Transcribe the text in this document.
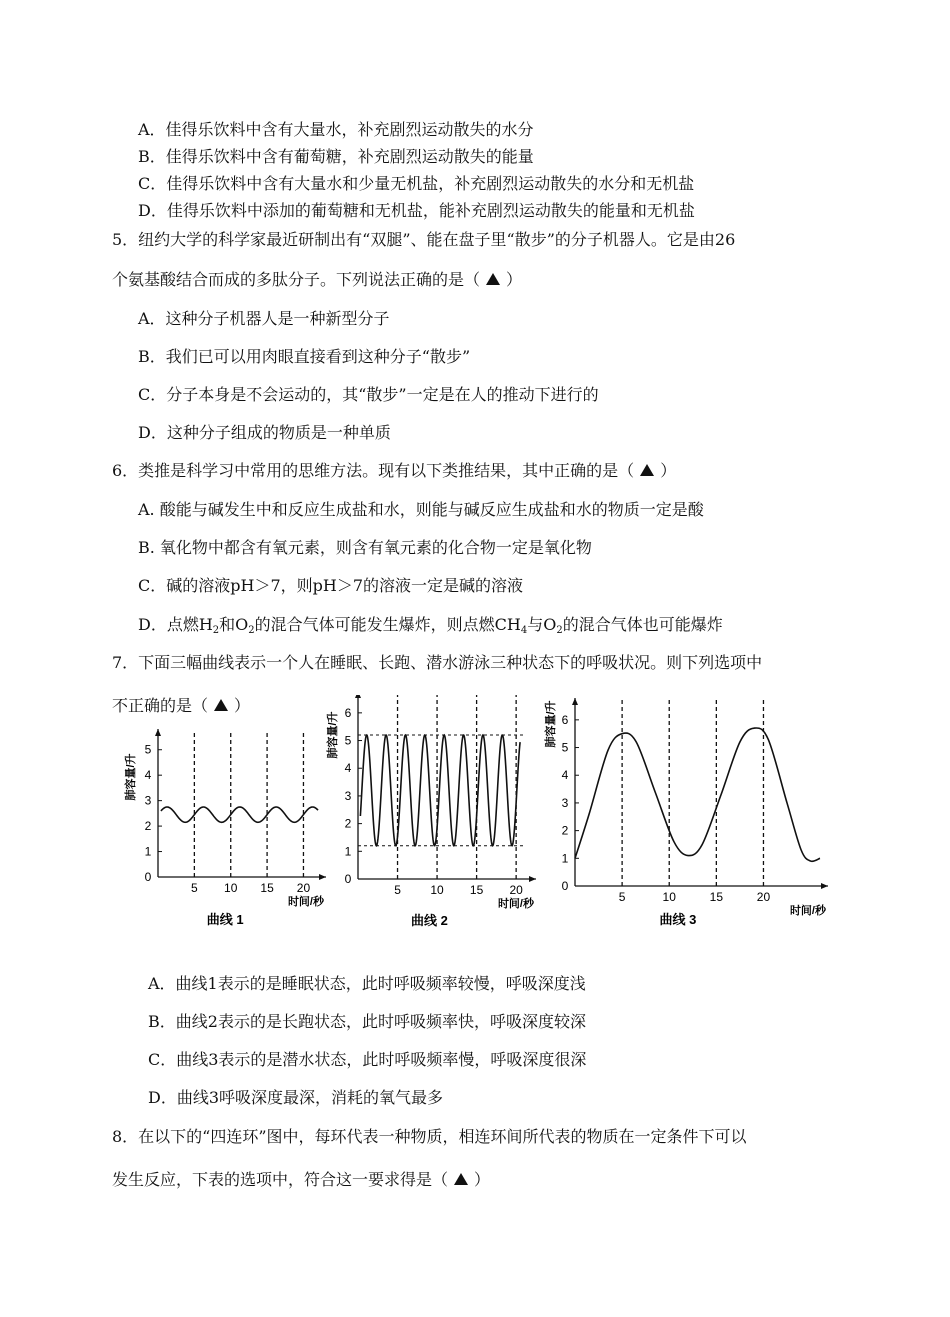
A．佳得乐饮料中含有大量水，补充剧烈运动散失的水分
B．佳得乐饮料中含有葡萄糖，补充剧烈运动散失的能量
C．佳得乐饮料中含有大量水和少量无机盐，补充剧烈运动散失的水分和无机盐
D．佳得乐饮料中添加的葡萄糖和无机盐，能补充剧烈运动散失的能量和无机盐
5．纽约大学的科学家最近研制出有“双腿”、能在盘子里“散步”的分子机器人。它是由26
个氨基酸结合而成的多肽分子。下列说法正确的是（ ）
A．这种分子机器人是一种新型分子
B．我们已可以用肉眼直接看到这种分子“散步”
C．分子本身是不会运动的，其“散步”一定是在人的推动下进行的
D．这种分子组成的物质是一种单质
6．类推是科学习中常用的思维方法。现有以下类推结果，其中正确的是（ ）
A. 酸能与碱发生中和反应生成盐和水，则能与碱反应生成盐和水的物质一定是酸
B. 氧化物中都含有氧元素，则含有氧元素的化合物一定是氧化物
C．碱的溶液pH＞7，则pH＞7的溶液一定是碱的溶液
D．点燃$H_2$和$O_2$的混合气体可能发生爆炸，则点燃$CH_4$与$O_2$的混合气体也可能爆炸
7．下面三幅曲线表示一个人在睡眠、长跑、潜水游泳三种状态下的呼吸状况。则下列选项中
不正确的是（ ）
0
1
2
3
4
5
5 10 15 20
肺容量/升
时间/秒
曲线 1
0
1
2
3
4
5
6
5 10 15 20
肺容量/升
时间/秒
曲线 2
0
1
2
3
4
5
6
5	10	15	20
肺容量/升
时间/秒
曲线 3
A．曲线1表示的是睡眠状态，此时呼吸频率较慢，呼吸深度浅
B．曲线2表示的是长跑状态，此时呼吸频率快，呼吸深度较深
C．曲线3表示的是潜水状态，此时呼吸频率慢，呼吸深度很深
D．曲线3呼吸深度最深，消耗的氧气最多
8．在以下的“四连环”图中，每环代表一种物质，相连环间所代表的物质在一定条件下可以
发生反应，下表的选项中，符合这一要求得是（ ）
